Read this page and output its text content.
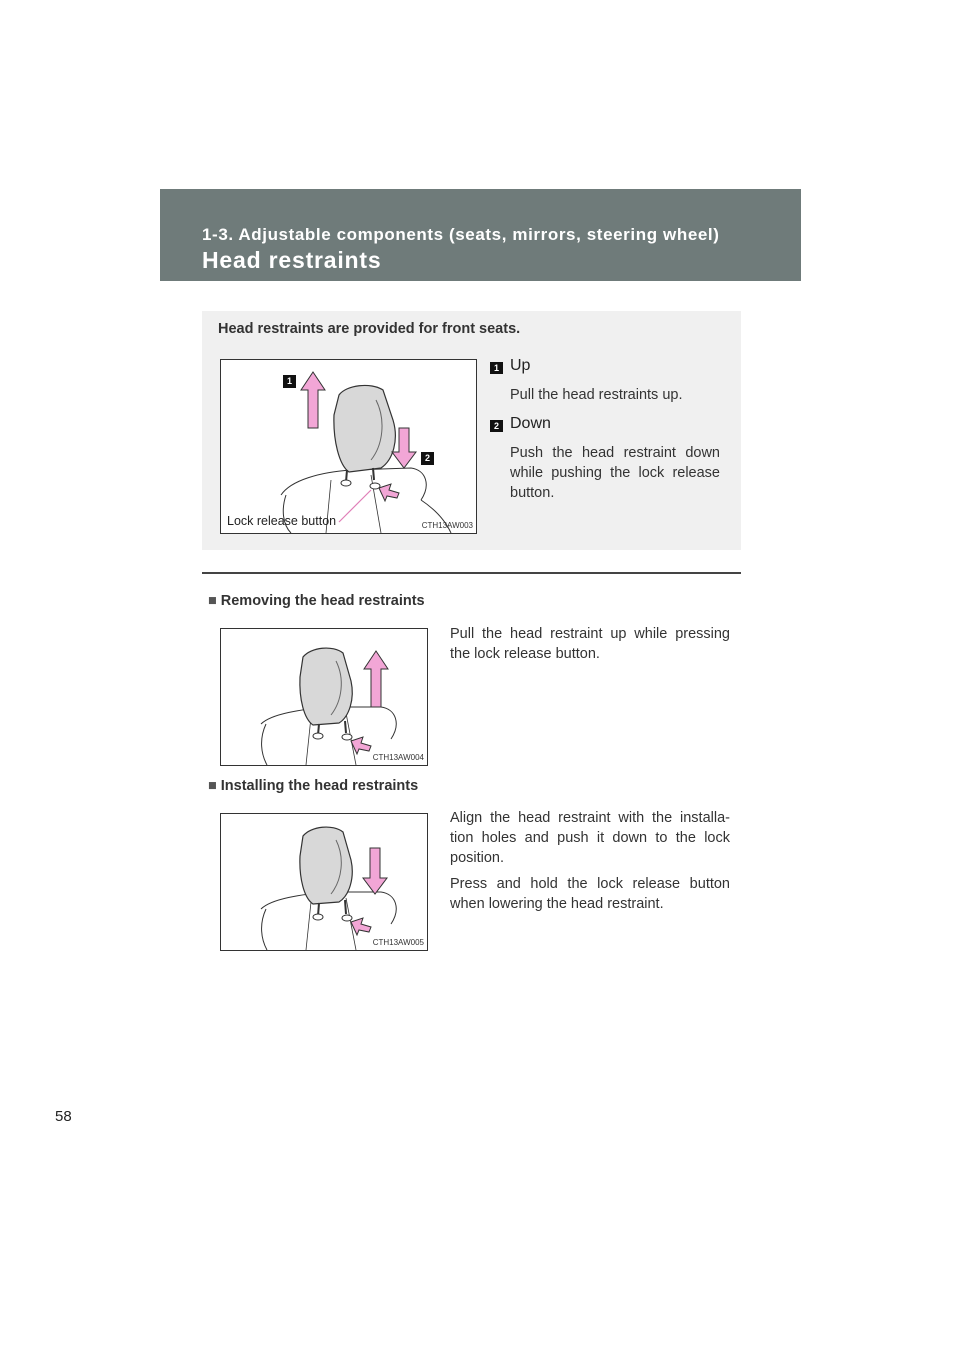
1-3. Adjustable components (seats, mirrors, steering wheel)
Head restraints
Head restraints are provided for front seats.
1
2
Lock release button	CTH13AW003
1 Up
Pull the head restraints up.
2 Down
Push the head restraint down while pushing the lock release button.
■ Removing the head restraints
CTH13AW004
Pull the head restraint up while pressing the lock release button.
■ Installing the head restraints
CTH13AW005
Align the head restraint with the installa-tion holes and push it down to the lock position.
Press and hold the lock release button when lowering the head restraint.
58
